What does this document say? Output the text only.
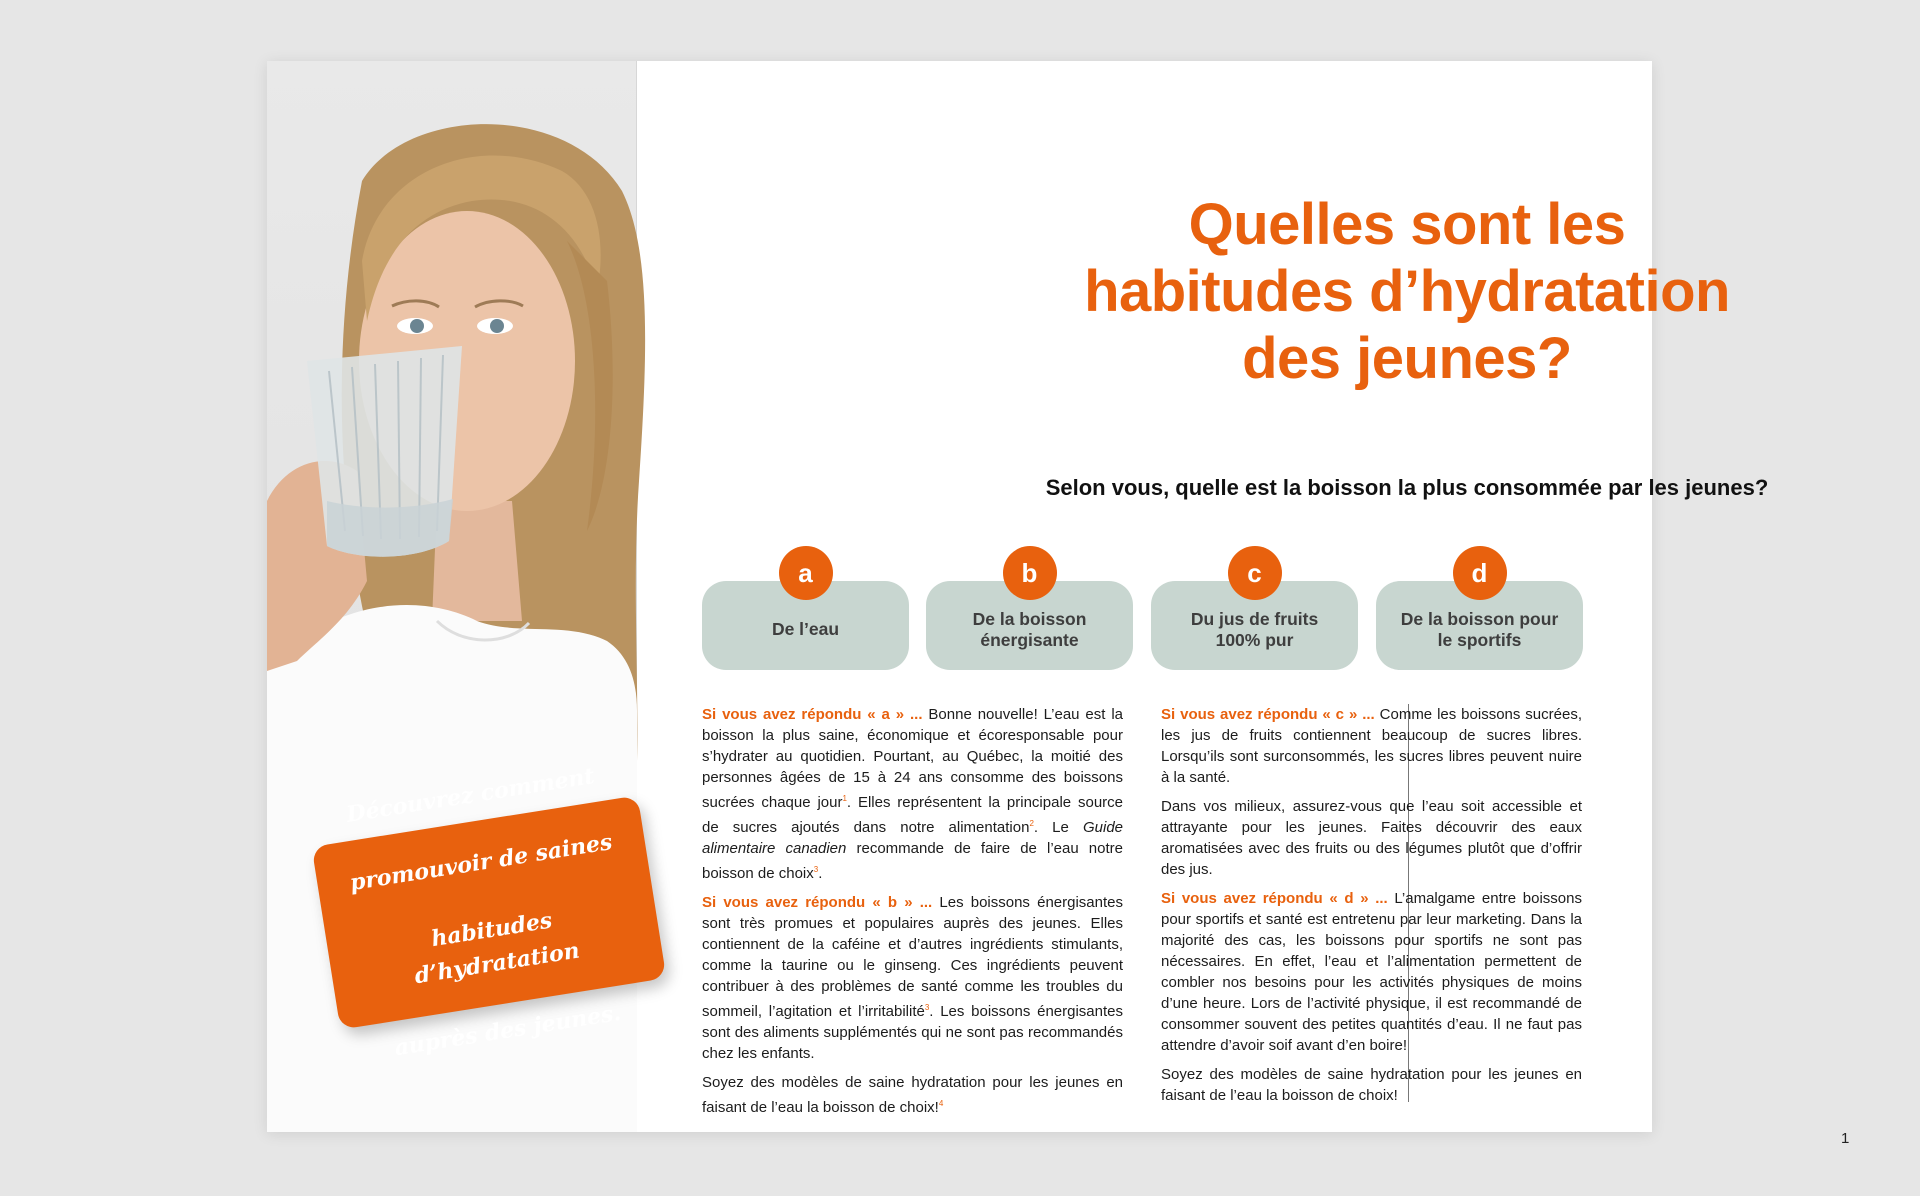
Quelles sont les
habitudes d’hydratation
des jeunes?
Selon vous, quelle est la boisson la plus consommée par les jeunes?
a
De l’eau

b
De la boisson
énergisante
c
Du jus de fruits
100% pur
d
De la boisson pour
le sportifs

Si vous avez répondu « a » ... Bonne nouvelle! L’eau est la boisson la plus saine, économique et écoresponsable pour s’hydrater au quotidien. Pourtant, au Québec, la moitié des personnes âgées de 15 à 24 ans consomme des boissons sucrées chaque jour$^1$. Elles représentent la principale source de sucres ajoutés dans notre alimentation$^2$. Le Guide alimentaire canadien recommande de faire de l’eau notre boisson de choix$^3$.

Si vous avez répondu « b » ... Les boissons énergisantes sont très promues et populaires auprès des jeunes. Elles contiennent de la caféine et d’autres ingrédients stimulants, comme la taurine ou le ginseng. Ces ingrédients peuvent contribuer à des problèmes de santé comme les troubles du sommeil, l’agitation et l’irritabilité$^3$. Les boissons énergisantes sont des aliments supplémentés qui ne sont pas recommandés chez les enfants.

Soyez des modèles de saine hydratation pour les jeunes en faisant de l’eau la boisson de choix!$^4$

Si vous avez répondu « c » ... Comme les boissons sucrées, les jus de fruits contiennent beaucoup de sucres libres. Lorsqu’ils sont surconsommés, les sucres libres peuvent nuire à la santé.

Dans vos milieux, assurez-vous que l’eau soit accessible et attrayante pour les jeunes. Faites découvrir des eaux aromatisées avec des fruits ou des légumes plutôt que d’offrir des jus.

Si vous avez répondu « d » ... L’amalgame entre boissons pour sportifs et santé est entretenu par leur marketing. Dans la majorité des cas, les boissons pour sportifs ne sont pas nécessaires. En effet, l’eau et l’alimentation permettent de combler nos besoins pour les activités physiques de moins d’une heure. Lors de l’activité physique, il est recommandé de consommer souvent des petites quantités d’eau. Il ne faut pas attendre d’avoir soif avant d’en boire!

Soyez des modèles de saine hydratation pour les jeunes en faisant de l’eau la boisson de choix!

1
Découvrez comment

promouvoir de saines

habitudes d’hydratation

auprès des jeunes.
